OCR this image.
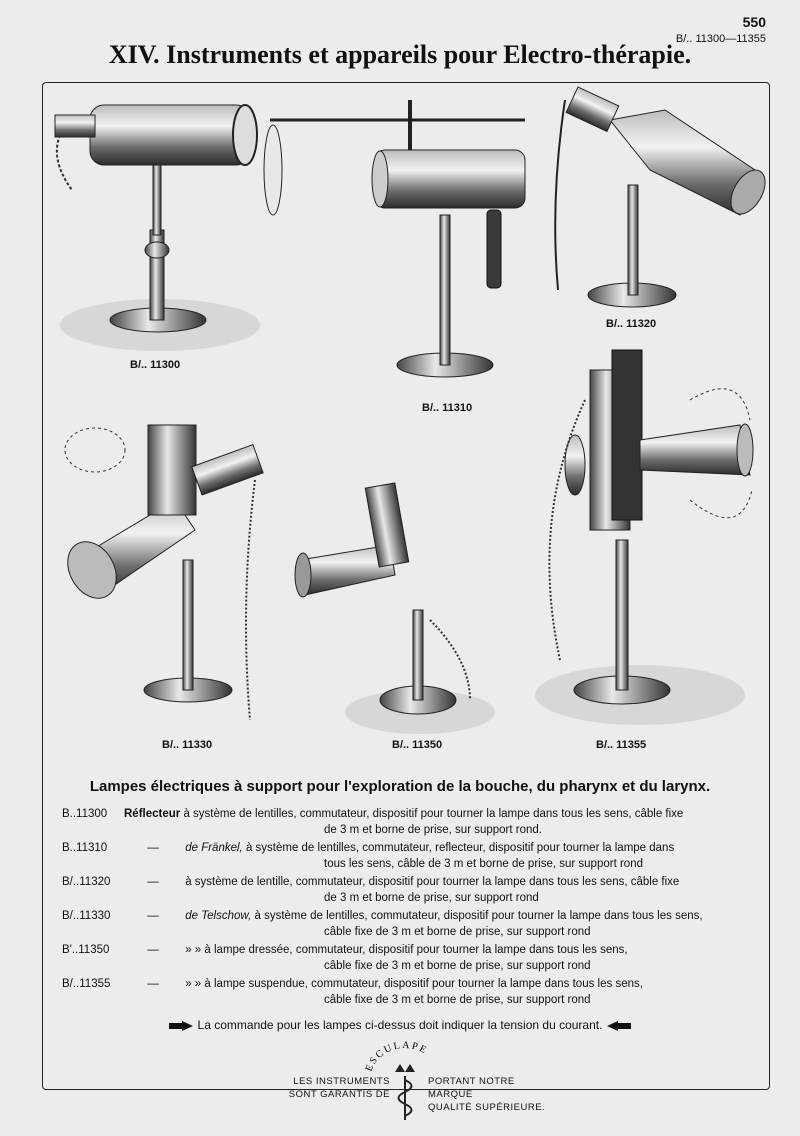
550
B/.. 11300—11355
XIV. Instruments et appareils pour Electro-thérapie.
B/.. 11300
B/.. 11310
B/.. 11320
B/.. 11330	B/.. 11350	B/.. 11355
Lampes électriques à support pour l'exploration de la bouche, du pharynx et du larynx.
B..11300	Réflecteur à système de lentilles, commutateur, dispositif pour tourner la lampe dans tous les sens, câble fixe
de 3 m et borne de prise, sur support rond.
B..11310	— de Fränkel, à système de lentilles, commutateur, reflecteur, dispositif pour tourner la lampe dans
tous les sens, câble de 3 m et borne de prise, sur support rond
B/..11320	— à système de lentille, commutateur, dispositif pour tourner la lampe dans tous les sens, câble fixe
de 3 m et borne de prise, sur support rond
B/..11330	— de Telschow, à système de lentilles, commutateur, dispositif pour tourner la lampe dans tous les sens,
câble fixe de 3 m et borne de prise, sur support rond
B'..11350	— » » à lampe dressée, commutateur, dispositif pour tourner la lampe dans tous les sens,
câble fixe de 3 m et borne de prise, sur support rond
B/..11355	— » » à lampe suspendue, commutateur, dispositif pour tourner la lampe dans tous les sens,
câble fixe de 3 m et borne de prise, sur support rond
La commande pour les lampes ci-dessus doit indiquer la tension du courant.
ESCULAPE
LES INSTRUMENTS
SONT GARANTIS DE
PORTANT NOTRE MARQUE
QUALITÉ SUPÉRIEURE.
